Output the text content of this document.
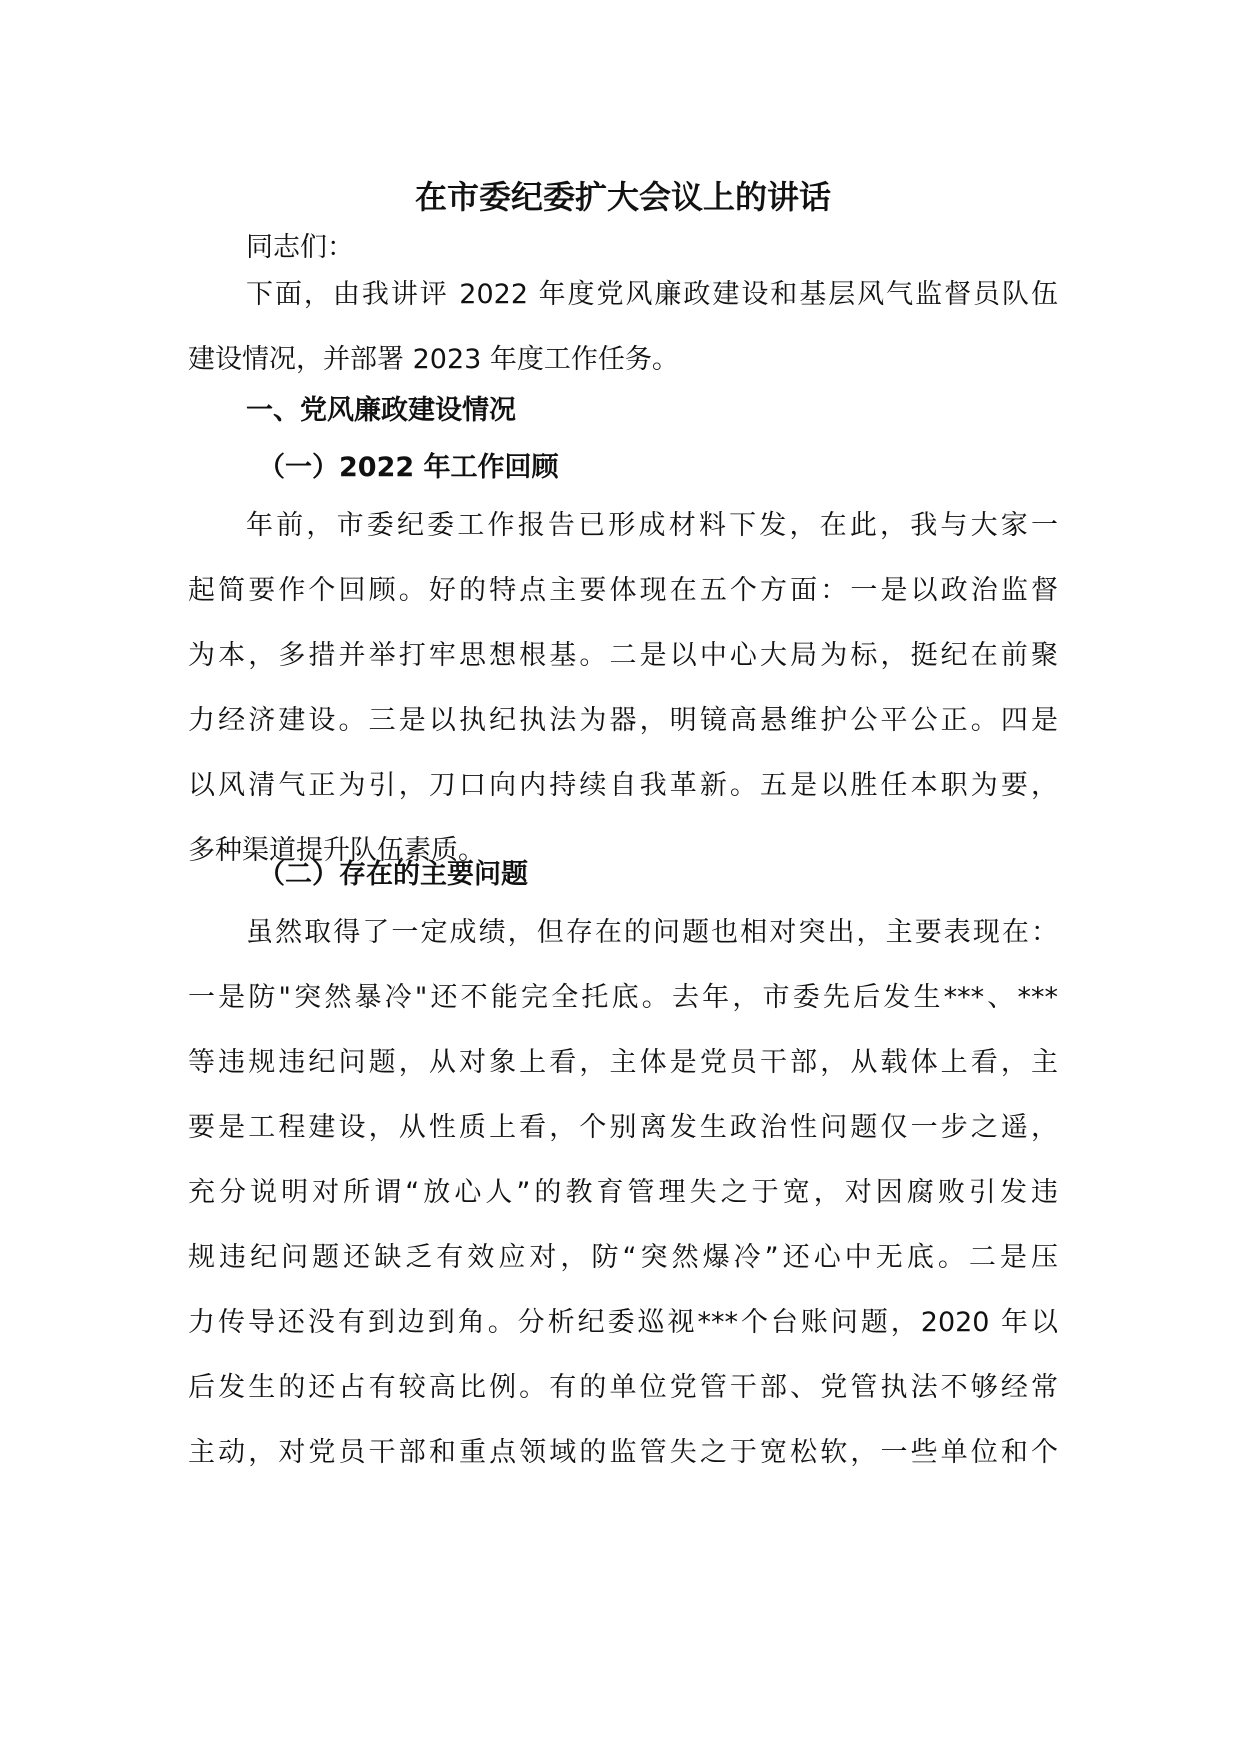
在市委纪委扩大会议上的讲话
同志们：
下面，由我讲评 2022 年度党风廉政建设和基层风气监督员队伍
建设情况，并部署 2023 年度工作任务。
一、党风廉政建设情况
（一）2022 年工作回顾
年前，市委纪委工作报告已形成材料下发，在此，我与大家一
起简要作个回顾。好的特点主要体现在五个方面：一是以政治监督
为本，多措并举打牢思想根基。二是以中心大局为标，挺纪在前聚
力经济建设。三是以执纪执法为器，明镜高悬维护公平公正。四是
以风清气正为引，刀口向内持续自我革新。五是以胜任本职为要，
多种渠道提升队伍素质。
（二）存在的主要问题
虽然取得了一定成绩，但存在的问题也相对突出，主要表现在：
一是防"突然暴冷"还不能完全托底。去年，市委先后发生***、***
等违规违纪问题，从对象上看，主体是党员干部，从载体上看，主
要是工程建设，从性质上看，个别离发生政治性问题仅一步之遥，
充分说明对所谓“放心人”的教育管理失之于宽，对因腐败引发违
规违纪问题还缺乏有效应对，防“突然爆冷”还心中无底。二是压
力传导还没有到边到角。分析纪委巡视***个台账问题，2020 年以
后发生的还占有较高比例。有的单位党管干部、党管执法不够经常
主动，对党员干部和重点领域的监管失之于宽松软，一些单位和个
